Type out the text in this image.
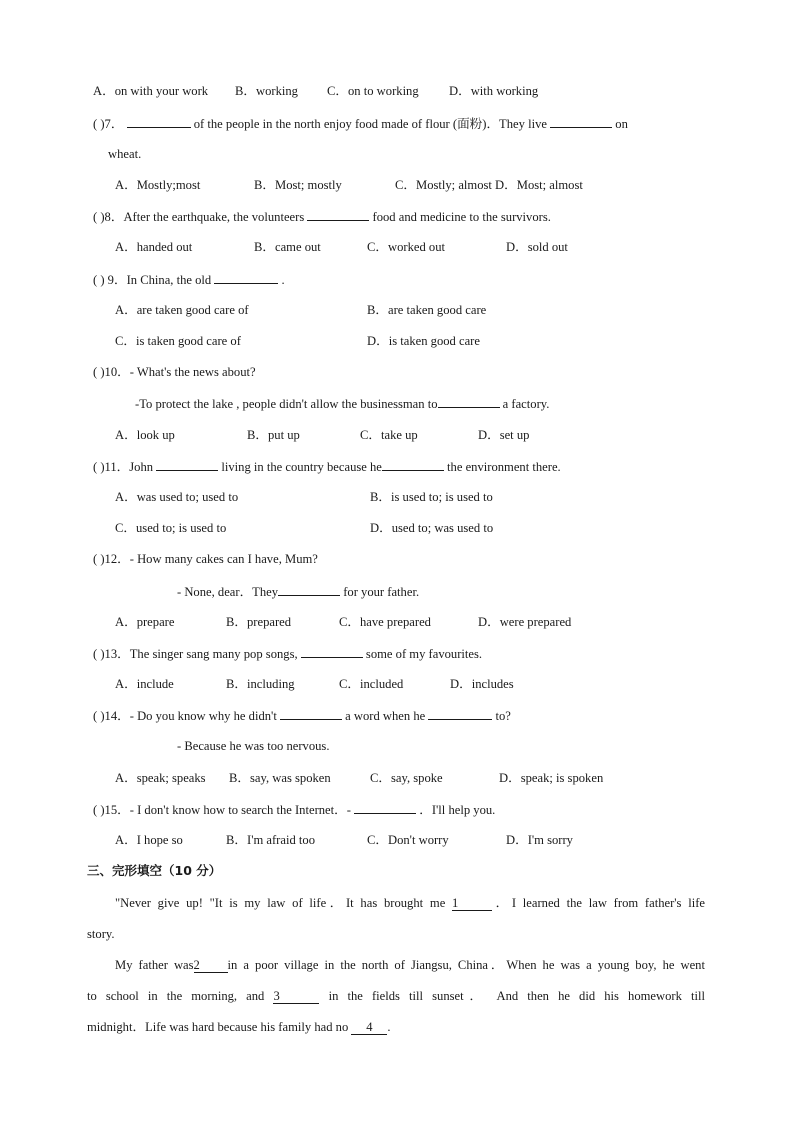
A．on with your work B．working C．on to working D．with working
( )7．	of the people in the north enjoy food made of flour (面粉)．They live	on
wheat.
A．Mostly;most	B．Most; mostly	C．Mostly; almost D．Most; almost
( )8．After the earthquake, the volunteers	food and medicine to the survivors.
A．handed out	B．came out	C．worked out	D．sold out
( ) 9．In China, the old	.
A．are taken good care of	B．are taken good care
C．is taken good care of	D．is taken good care
( )10．- What's the news about?
-To protect the lake , people didn't allow the businessman to	a factory.
A．look up	B．put up	C．take up	D．set up
( )11．John	living in the country because he	the environment there.
A．was used to; used to	B．is used to; is used to
C．used to; is used to	D．used to; was used to
( )12．- How many cakes can I have, Mum?
- None, dear．They	for your father.
A．prepare	B．prepared	C．have prepared	D．were prepared
( )13．The singer sang many pop songs,	some of my favourites.
A．include	B．including	C．included	D．includes
( )14．- Do you know why he didn't	a word when he	to?
- Because he was too nervous.
A．speak; speaks B．say, was spoken	C．say, spoke	D．speak; is spoken
( )15．- I don't know how to search the Internet．-	．I'll help you.
A．I hope so	B．I'm afraid too	C．Don't worry	D．I'm sorry
三、完形填空（10 分）
"Never give up! "It is my law of life．It has brought me 1	．I learned the law from father's life
story.
My father was2 in a poor village in the north of Jiangsu, China．When he was a young boy, he went
to school in the morning, and 3	in the fields till sunset． And then he did his homework till
midnight．Life was hard because his family had no 4 .
